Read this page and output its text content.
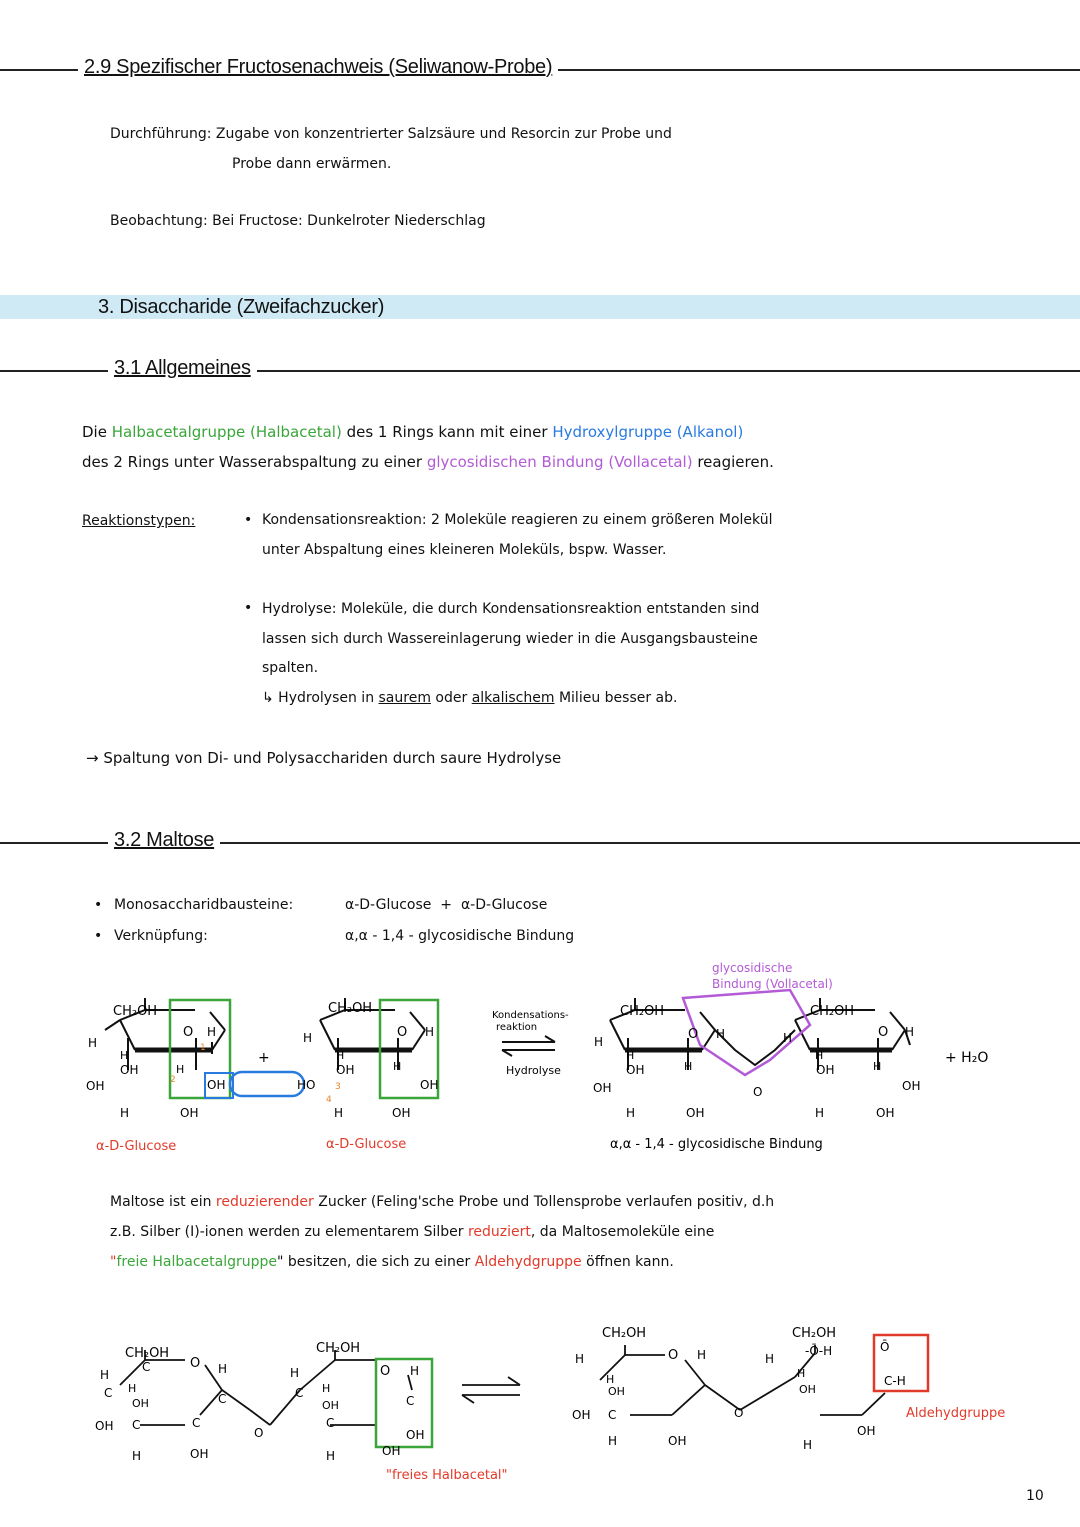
2.9 Spezifischer Fructosenachweis (Seliwanow-Probe)
Durchführung: Zugabe von konzentrierter Salzsäure und Resorcin zur Probe und
Probe dann erwärmen.
Beobachtung: Bei Fructose: Dunkelroter Niederschlag
3. Disaccharide (Zweifachzucker)
3.1 Allgemeines
Die Halbacetalgruppe (Halbacetal) des 1 Rings kann mit einer Hydroxylgruppe (Alkanol)
des 2 Rings unter Wasserabspaltung zu einer glycosidischen Bindung (Vollacetal) reagieren.
Reaktionstypen:	• Kondensationsreaktion: 2 Moleküle reagieren zu einem größeren Molekül
unter Abspaltung eines kleineren Moleküls, bspw. Wasser.
• Hydrolyse: Moleküle, die durch Kondensationsreaktion entstanden sind
lassen sich durch Wassereinlagerung wieder in die Ausgangsbausteine
spalten.
↳ Hydrolysen in saurem oder alkalischem Milieu besser ab.
→ Spaltung von Di- und Polysacchariden durch saure Hydrolyse
3.2 Maltose
• Monosaccharidbausteine:	α-D-Glucose  +  α-D-Glucose
• Verknüpfung:	α,α - 1,4 - glycosidische Bindung
CH₂OH
O H
H
H
OH	H
OH	OH
H	OH
1
2
+
CH₂OH
O H
H
H
OH	H
HO	OH
H	OH
3
4
Kondensations-
reaktion
Hydrolyse
CH₂OH
O H
H
H
OH	H
OH
H	OH
O
CH₂OH
O H
H
H
OH	H
OH
H	OH
+ H₂O
glycosidische
Bindung (Vollacetal)
α-D-Glucose	α-D-Glucose	α,α - 1,4 - glycosidische Bindung
Maltose ist ein reduzierender Zucker (Feling'sche Probe und Tollensprobe verlaufen positiv, d.h
z.B. Silber (I)-ionen werden zu elementarem Silber reduziert, da Maltosemoleküle eine
"freie Halbacetalgruppe" besitzen, die sich zu einer Aldehydgruppe öffnen kann.
CH₂OH
C	O H
C
H
C H
OH
OH C
H
C
OH
O
CH₂OH
H
C H
OH
C
H
O H
C
OH
OH
"freies Halbacetal"
CH₂OH
O H
H
H
OH
OH C
H	OH
O
CH₂OH
-Ō-H
H
H
OH
H
OH
Ō
C-H
Aldehydgruppe
10
